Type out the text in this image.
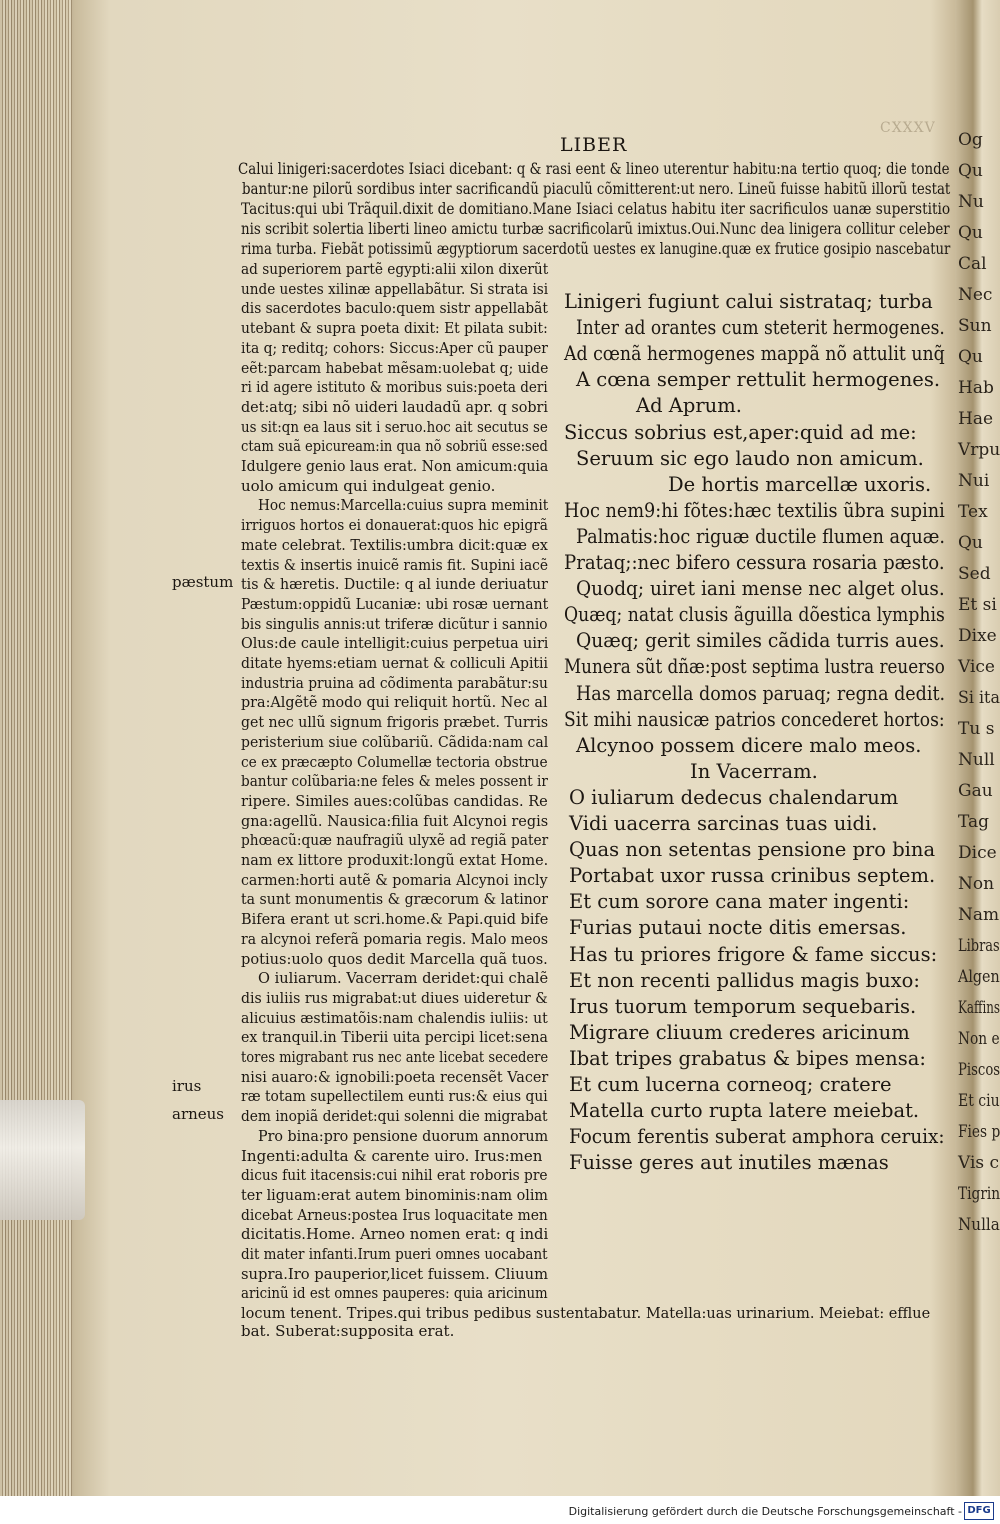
CXXXV
LIBER
Calui linigeri:sacerdotes Isiaci dicebant: q & rasi eent & lineo uterentur habitu:na tertio quoq; die tonde
bantur:ne pilorũ sordibus inter sacrificandũ piaculũ cõmitterent:ut nero. Lineũ fuisse habitũ illorũ testat
Tacitus:qui ubi Trãquil.dixit de domitiano.Mane Isiaci celatus habitu iter sacrificulos uanæ superstitio
nis scribit solertia liberti lineo amictu turbæ sacrificolarũ imixtus.Oui.Nunc dea linigera collitur celeber
rima turba. Fiebãt potissimũ ægyptiorum sacerdotũ uestes ex lanugine.quæ ex frutice gosipio nascebatur
ad superiorem partẽ egypti:alii xilon dixerũt
unde uestes xilinæ appellabãtur. Si strata isi
dis sacerdotes baculo:quem sistr appellabãt
utebant & supra poeta dixit: Et pilata subit:
ita q; reditq; cohors: Siccus:Aper cũ pauper
eẽt:parcam habebat mẽsam:uolebat q; uide
ri id agere istituto & moribus suis:poeta deri
det:atq; sibi nõ uideri laudadũ apr. q sobri
us sit:qn ea laus sit i seruo.hoc ait secutus se
ctam suã epicuream:in qua nõ sobriũ esse:sed
Idulgere genio laus erat. Non amicum:quia
uolo amicum qui indulgeat genio.
Hoc nemus:Marcella:cuius supra meminit
irriguos hortos ei donauerat:quos hic epigrã
mate celebrat. Textilis:umbra dicit:quæ ex
textis & insertis inuicẽ ramis fit. Supini iacẽ
tis & hæretis. Ductile: q al iunde deriuatur
Pæstum:oppidũ Lucaniæ: ubi rosæ uernant
bis singulis annis:ut triferæ dicũtur i sannio
Olus:de caule intelligit:cuius perpetua uiri
ditate hyems:etiam uernat & colliculi Apitii
industria pruina ad cõdimenta parabãtur:su
pra:Algẽtẽ modo qui reliquit hortũ. Nec al
get nec ullũ signum frigoris præbet. Turris
peristerium siue colũbariũ. Cãdida:nam cal
ce ex præcæpto Columellæ tectoria obstrue
bantur colũbaria:ne feles & meles possent ir
ripere. Similes aues:colũbas candidas. Re
gna:agellũ. Nausica:filia fuit Alcynoi regis
phœacũ:quæ naufragiũ ulyxẽ ad regiã pater
nam ex littore produxit:longũ extat Home.
carmen:horti autẽ & pomaria Alcynoi incly
ta sunt monumentis & græcorum & latinor
Bifera erant ut scri.home.& Papi.quid bife
ra alcynoi referã pomaria regis. Malo meos
potius:uolo quos dedit Marcella quã tuos.
O iuliarum. Vacerram deridet:qui chalẽ
dis iuliis rus migrabat:ut diues uideretur &
alicuius æstimatõis:nam chalendis iuliis: ut
ex tranquil.in Tiberii uita percipi licet:sena
tores migrabant rus nec ante licebat secedere
nisi auaro:& ignobili:poeta recensẽt Vacer
ræ totam supellectilem eunti rus:& eius qui
dem inopiã deridet:qui solenni die migrabat
Pro bina:pro pensione duorum annorum
Ingenti:adulta & carente uiro. Irus:men
dicus fuit itacensis:cui nihil erat roboris pre
ter liguam:erat autem binominis:nam olim
dicebat Arneus:postea Irus loquacitate men
dicitatis.Home. Arneo nomen erat: q indi
dit mater infanti.Irum pueri omnes uocabant
supra.Iro pauperior,licet fuissem. Cliuum
aricinũ id est omnes pauperes: quia aricinum
locum tenent. Tripes.qui tribus pedibus sustentabatur. Matella:uas urinarium. Meiebat: efflue
bat. Suberat:supposita erat.
Linigeri fugiunt calui sistrataq; turba
Inter ad orantes cum steterit hermogenes.
Ad cœnã hermogenes mappã nõ attulit unq̃
A cœna semper rettulit hermogenes.
Ad Aprum.
Siccus sobrius est,aper:quid ad me:
Seruum sic ego laudo non amicum.
De hortis marcellæ uxoris.
Hoc nem9:hi fõtes:hæc textilis ũbra supini
Palmatis:hoc riguæ ductile flumen aquæ.
Prataq;:nec bifero cessura rosaria pæsto.
Quodq; uiret iani mense nec alget olus.
Quæq; natat clusis ãguilla dõestica lymphis
Quæq; gerit similes cãdida turris aues.
Munera sũt dñæ:post septima lustra reuerso
Has marcella domos paruaq; regna dedit.
Sit mihi nausicæ patrios concederet hortos:
Alcynoo possem dicere malo meos.
In Vacerram.
O iuliarum dedecus chalendarum
Vidi uacerra sarcinas tuas uidi.
Quas non setentas pensione pro bina
Portabat uxor russa crinibus septem.
Et cum sorore cana mater ingenti:
Furias putaui nocte ditis emersas.
Has tu priores frigore & fame siccus:
Et non recenti pallidus magis buxo:
Irus tuorum temporum sequebaris.
Migrare cliuum crederes aricinum
Ibat tripes grabatus & bipes mensa:
Et cum lucerna corneoq; cratere
Matella curto rupta latere meiebat.
Focum ferentis suberat amphora ceruix:
Fuisse geres aut inutiles mænas
pæstum
irus
arneus
Og
Qu
Nu
Qu
Cal
Nec
Sun
Qu
Hab
Hae
Vrpu
Nui
Tex
Qu
Sed
Et si
Dixe
Vice
Si ita
Tu s
Null
Gau
Tag
Dice
Non
Nam
Libras
Algen
Kaffins
Non e
Piscos
Et ciu
Fies p
Vis c
Tigrin
Nulla
Digitalisierung gefördert durch die Deutsche Forschungsgemeinschaft - DFG
